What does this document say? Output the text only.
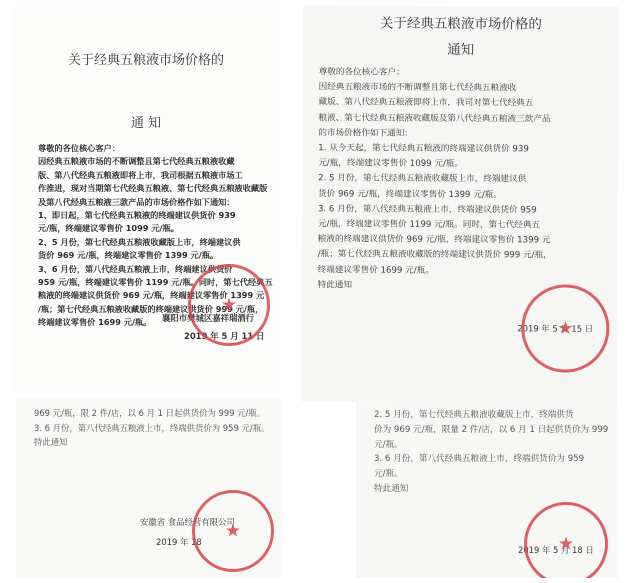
关于经典五粮液市场价格的
通 知
尊敬的各位核心客户：
因经典五粮液市场的不断调整且第七代经典五粮液收藏
版、第八代经典五粮液即将上市，我司根据五粮液市场工
作推进，现对当期第七代经典五粮液、第七代经典五粮液收藏版
及第八代经典五粮液三款产品的市场价格作如下通知：
1、即日起，第七代经典五粮液的终端建议供货价 939
元/瓶，终端建议零售价 1099 元/瓶。
2、5 月份，第七代经典五粮液收藏版上市，终端建议供
货价 969 元/瓶，终端建议零售价 1399 元/瓶。
3、6 月份，第八代经典五粮液上市，终端建议供货价
959 元/瓶，终端建议零售价 1199 元/瓶。同时，第七代经典五
粮液的终端建议供货价 969 元/瓶，终端建议零售价 1399 元
/瓶；第七代经典五粮液收藏版的终端建议供货价 999 元/瓶，
终端建议零售价 1699 元/瓶。	襄阳市樊城区嘉祥瑞酒行
2019 年 5 月 11 日
★
关于经典五粮液市场价格的
通知
尊敬的各位核心客户：
因经典五粮液市场的不断调整且第七代经典五粮液收
藏版、第八代经典五粮液即将上市，我司对第七代经典五
粮液、第七代经典五粮液收藏版及第八代经典五粮液三款产品
的市场价格作如下通知：
1. 从今天起，第七代经典五粮液的终端建议供货价 939
元/瓶，终端建议零售价 1099 元/瓶。
2. 5 月份，第七代经典五粮液收藏版上市，终端建议供
货价 969 元/瓶，终端建议零售价 1399 元/瓶。
3. 6 月份，第八代经典五粮液上市，终端建议供货价 959
元/瓶，终端建议零售价 1199 元/瓶。同时，第七代经典五
粮液的终端建议供货价 969 元/瓶，终端建议零售价 1399 元
/瓶；第七代经典五粮液收藏版的终端建议供货价 999 元/瓶，
终端建议零售价 1699 元/瓶。
特此通知
2019 年 5 月 15 日
★
969 元/瓶，限 2 件/店，以 6 月 1 日起供货价为 999 元/瓶。
3. 6 月份，第八代经典五粮液上市，终端供货价为 959 元/瓶。
特此通知
安徽省 食品经营有限公司
2019 年 18
★
2. 5 月份，第七代经典五粮液收藏版上市，终端供货
价为 969 元/瓶，限量 2 件/店，以 6 月 1 日起供货价为 999
元/瓶。
3. 6 月份，第八代经典五粮液上市，终端供货价为 959
元/瓶。
特此通知
2019 年 5 月 18 日
★
